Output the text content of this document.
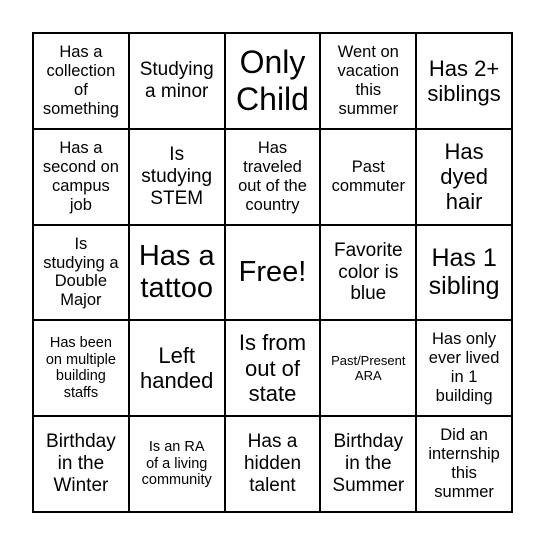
Has a
collection
of
something
Studying
a minor
Only
Child
Went on
vacation
this
summer
Has 2+
siblings
Has a
second on
campus
job
Is
studying
STEM
Has
traveled
out of the
country
Past
commuter
Has
dyed
hair
Is
studying a
Double
Major
Has a
tattoo
Free!
Favorite
color is
blue
Has 1
sibling
Has been
on multiple
building
staffs
Left
handed
Is from
out of
state
Past/Present
ARA
Has only
ever lived
in 1
building
Birthday
in the
Winter
Is an RA
of a living
community
Has a
hidden
talent
Birthday
in the
Summer
Did an
internship
this
summer
